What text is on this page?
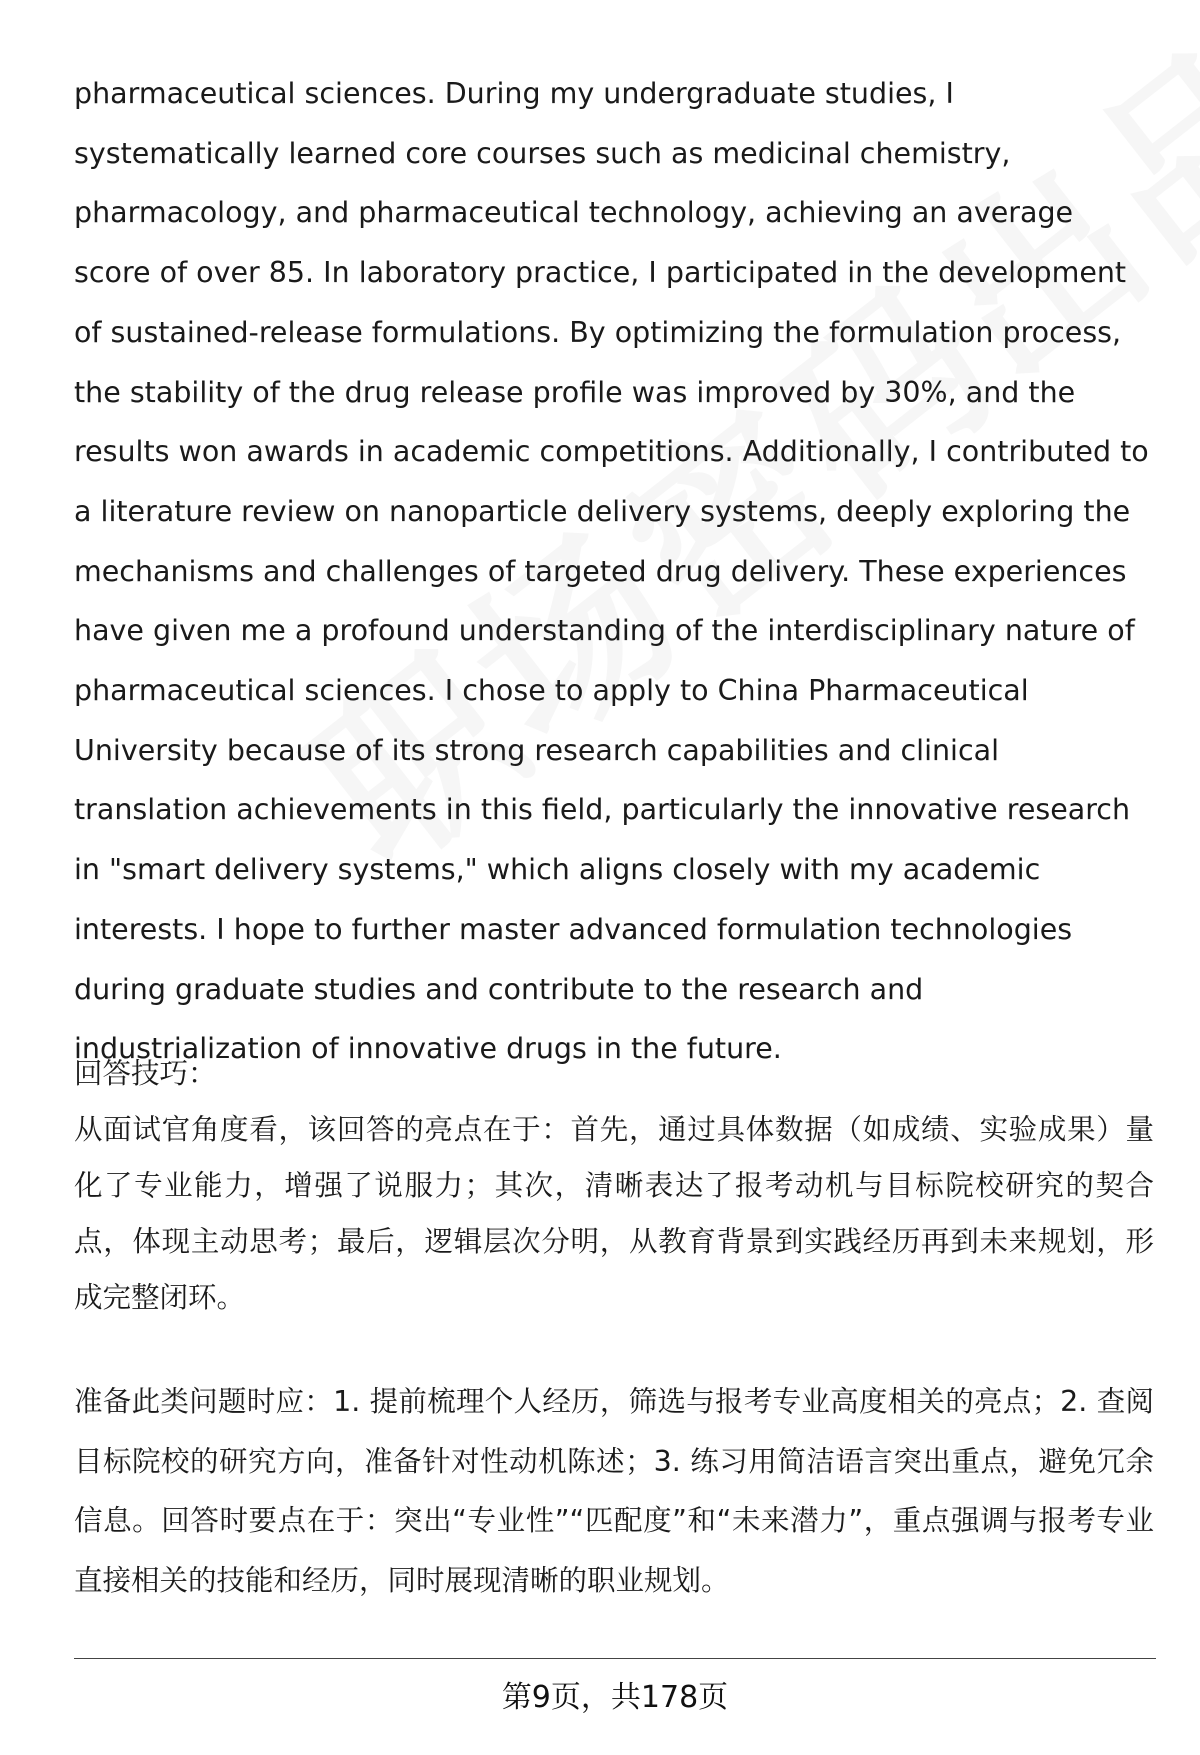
pharmaceutical sciences. During my undergraduate studies, I systematically learned core courses such as medicinal chemistry, pharmacology, and pharmaceutical technology, achieving an average score of over 85. In laboratory practice, I participated in the development of sustained-release formulations. By optimizing the formulation process, the stability of the drug release profile was improved by 30%, and the results won awards in academic competitions. Additionally, I contributed to a literature review on nanoparticle delivery systems, deeply exploring the mechanisms and challenges of targeted drug delivery. These experiences have given me a profound understanding of the interdisciplinary nature of pharmaceutical sciences. I chose to apply to China Pharmaceutical University because of its strong research capabilities and clinical translation achievements in this field, particularly the innovative research in "smart delivery systems," which aligns closely with my academic interests. I hope to further master advanced formulation technologies during graduate studies and contribute to the research and industrialization of innovative drugs in the future.

回答技巧：

从面试官角度看，该回答的亮点在于：首先，通过具体数据（如成绩、实验成果）量化了专业能力，增强了说服力；其次，清晰表达了报考动机与目标院校研究的契合点，体现主动思考；最后，逻辑层次分明，从教育背景到实践经历再到未来规划，形成完整闭环。

准备此类问题时应：1. 提前梳理个人经历，筛选与报考专业高度相关的亮点；2. 查阅目标院校的研究方向，准备针对性动机陈述；3. 练习用简洁语言突出重点，避免冗余信息。回答时要点在于：突出“专业性”“匹配度”和“未来潜力”，重点强调与报考专业直接相关的技能和经历，同时展现清晰的职业规划。

第9页，共178页
